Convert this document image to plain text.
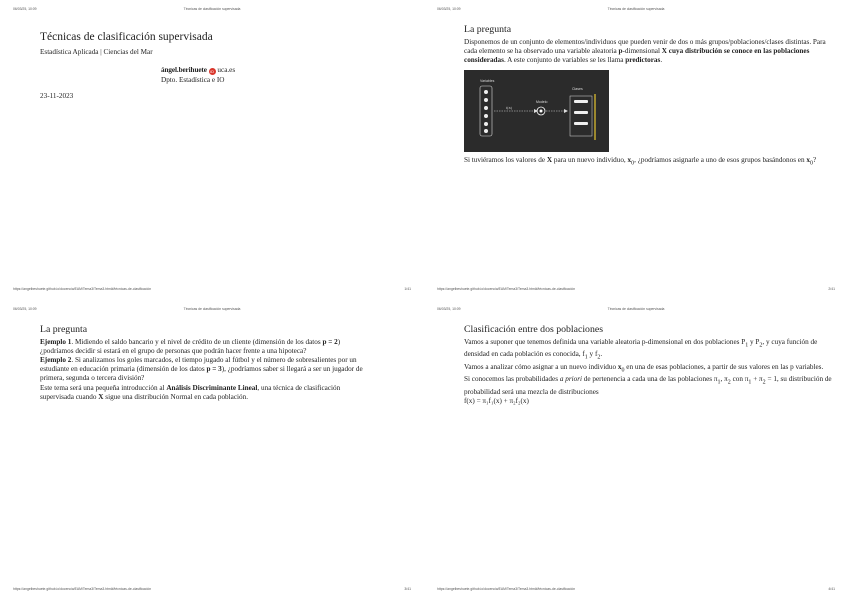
06/03/25, 10:09	Técnicas de clasificación supervisada
Técnicas de clasificación supervisada
Estadística Aplicada | Ciencias del Mar
ángel.berihuete iD uca.es
Dpto. Estadística e IO
23-11-2023
https://angelbeshuete.github.io/docencia/EAM/Tema3/Tema3.html#/técnicas-de-clasificación	1/41
06/03/25, 10:09	Técnicas de clasificación supervisada
La pregunta

Disponemos de un conjunto de elementos/individuos que pueden venir de dos o más grupos/poblaciones/clases distintas. Para cada elemento se ha observado una variable aleatoria p-dimensional X cuya distribución se conoce en las poblaciones consideradas. A este conjunto de variables se les llama predictoras.

Variables
f(X)
Modelo
Clases

Si tuviéramos los valores de X para un nuevo individuo, $x_0$, ¿podríamos asignarle a uno de esos grupos basándonos en $x_0$?

https://angelbeshuete.github.io/docencia/EAM/Tema3/Tema3.html#/técnicas-de-clasificación	2/41
06/03/25, 10:09	Técnicas de clasificación supervisada
La pregunta

Ejemplo 1. Midiendo el saldo bancario y el nivel de crédito de un cliente (dimensión de los datos p = 2) ¿podríamos decidir si estará en el grupo de personas que podrán hacer frente a una hipoteca?

Ejemplo 2. Si analizamos los goles marcados, el tiempo jugado al fútbol y el número de sobresalientes por un estudiante en educación primaria (dimensión de los datos p = 3), ¿podríamos saber si llegará a ser un jugador de primera, segunda o tercera división?

Este tema será una pequeña introducción al Análisis Discriminante Lineal, una técnica de clasificación supervisada cuando X sigue una distribución Normal en cada población.

https://angelbeshuete.github.io/docencia/EAM/Tema3/Tema3.html#/técnicas-de-clasificación	3/41
06/03/25, 10:09	Técnicas de clasificación supervisada
Clasificación entre dos poblaciones

Vamos a suponer que tenemos definida una variable aleatoria p-dimensional en dos poblaciones $P_1$ y $P_2$, y cuya función de densidad en cada población es conocida, $f_1$ y $f_2$.

Vamos a analizar cómo asignar a un nuevo individuo $x_0$ en una de esas poblaciones, a partir de sus valores en las p variables.

Si conocemos las probabilidades a priori de pertenencia a cada una de las poblaciones $\pi_1$, $\pi_2$ con $\pi_1 + \pi_2 = 1$, su distribución de probabilidad será una mezcla de distribuciones

f(x) = π₁f₁(x) + π₂f₂(x)

https://angelbeshuete.github.io/docencia/EAM/Tema3/Tema3.html#/técnicas-de-clasificación	4/41
